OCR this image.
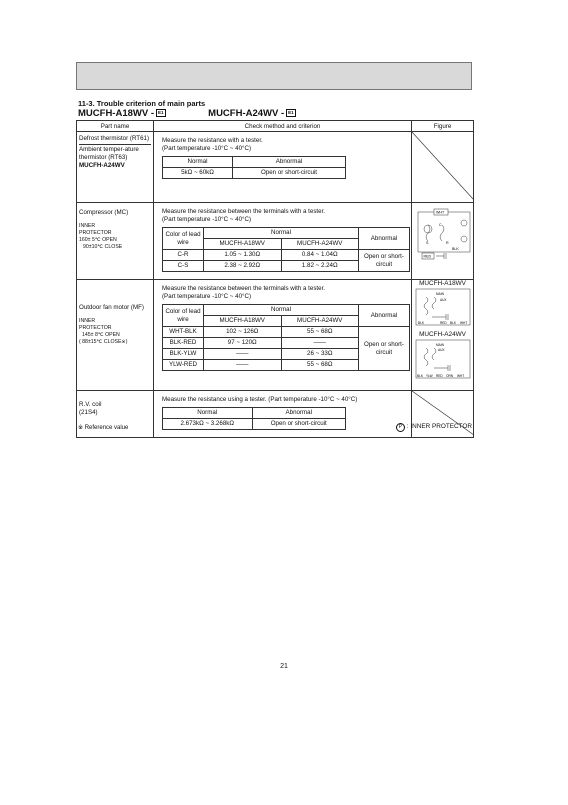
11-3. Trouble criterion of main parts
MUCFH-A18WV - E1	MUCFH-A24WV - E1
Part name	Check method and criterion	Figure

Defrost thermistor (RT61)
Ambient temper-ature thermistor (RT63)
MUCFH-A24WV

Measure the resistance with a tester.
(Part temperature -10°C ~ 40°C)
Normal	Abnormal
5kΩ ~ 60kΩ	Open or short-circuit

Compressor (MC)
INNER
PROTECTOR
160± 5℃ OPEN
90±10℃ CLOSE

Measure the resistance between the terminals with a tester.
(Part temperature -10°C ~ 40°C)
Color of lead wire	Normal	Abnormal
MUCFH-A18WV	MUCFH-A24WV
C-R	1.05 ~ 1.30Ω	0.84 ~ 1.04Ω	Open or short-circuit
C-S	2.38 ~ 2.92Ω	1.82 ~ 2.24Ω

WHT
C
S	R
BLK
RED

Outdoor fan motor (MF)
INNER
PROTECTOR
145± 8℃ OPEN
( 88±15℃ CLOSE※)

Measure the resistance between the terminals with a tester.
(Part temperature -10°C ~ 40°C)
Color of lead wire	Normal	Abnormal
MUCFH-A18WV	MUCFH-A24WV
WHT-BLK	102 ~ 126Ω	55 ~ 68Ω	Open or short-circuit
BLK-RED	97 ~ 120Ω	——
BLK-YLW	——	26 ~ 33Ω
YLW-RED	——	55 ~ 68Ω

MUCFH-A18WV
MAIN
AUX
BLK	RED BLK WHT
MUCFH-A24WV
MAIN
AUX
BLK YLW RED ORN WHT

R.V. coil
(21S4)

Measure the resistance using a tester. (Part temperature -10°C ~ 40°C)
Normal	Abnormal
2.673kΩ ~ 3.268kΩ	Open or short-circuit

※ Reference value	P : INNER PROTECTOR
21
